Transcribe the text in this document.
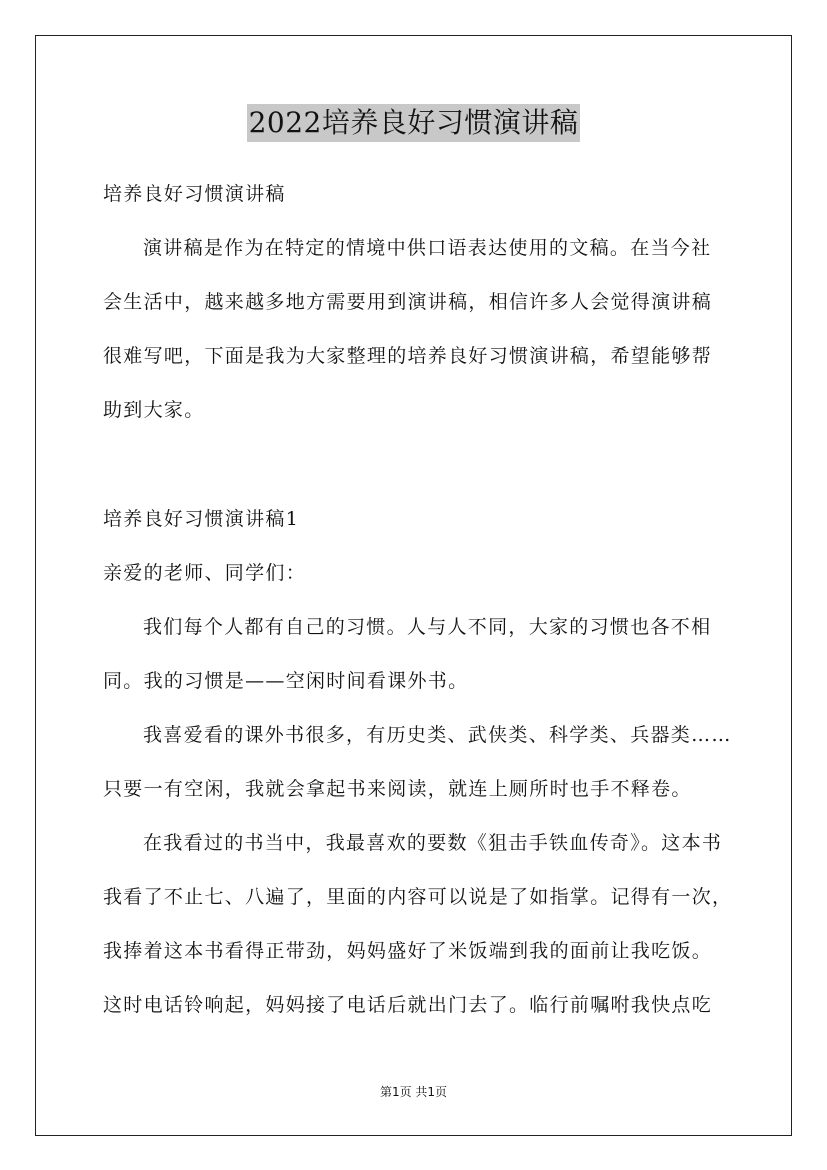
2022培养良好习惯演讲稿
培养良好习惯演讲稿
演讲稿是作为在特定的情境中供口语表达使用的文稿。在当今社
会生活中，越来越多地方需要用到演讲稿，相信许多人会觉得演讲稿
很难写吧，下面是我为大家整理的培养良好习惯演讲稿，希望能够帮
助到大家。
培养良好习惯演讲稿1
亲爱的老师、同学们：
我们每个人都有自己的习惯。人与人不同，大家的习惯也各不相
同。我的习惯是——空闲时间看课外书。
我喜爱看的课外书很多，有历史类、武侠类、科学类、兵器类……
只要一有空闲，我就会拿起书来阅读，就连上厕所时也手不释卷。
在我看过的书当中，我最喜欢的要数《狙击手铁血传奇》。这本书
我看了不止七、八遍了，里面的内容可以说是了如指掌。记得有一次，
我捧着这本书看得正带劲，妈妈盛好了米饭端到我的面前让我吃饭。
这时电话铃响起，妈妈接了电话后就出门去了。临行前嘱咐我快点吃
第1页 共1页
